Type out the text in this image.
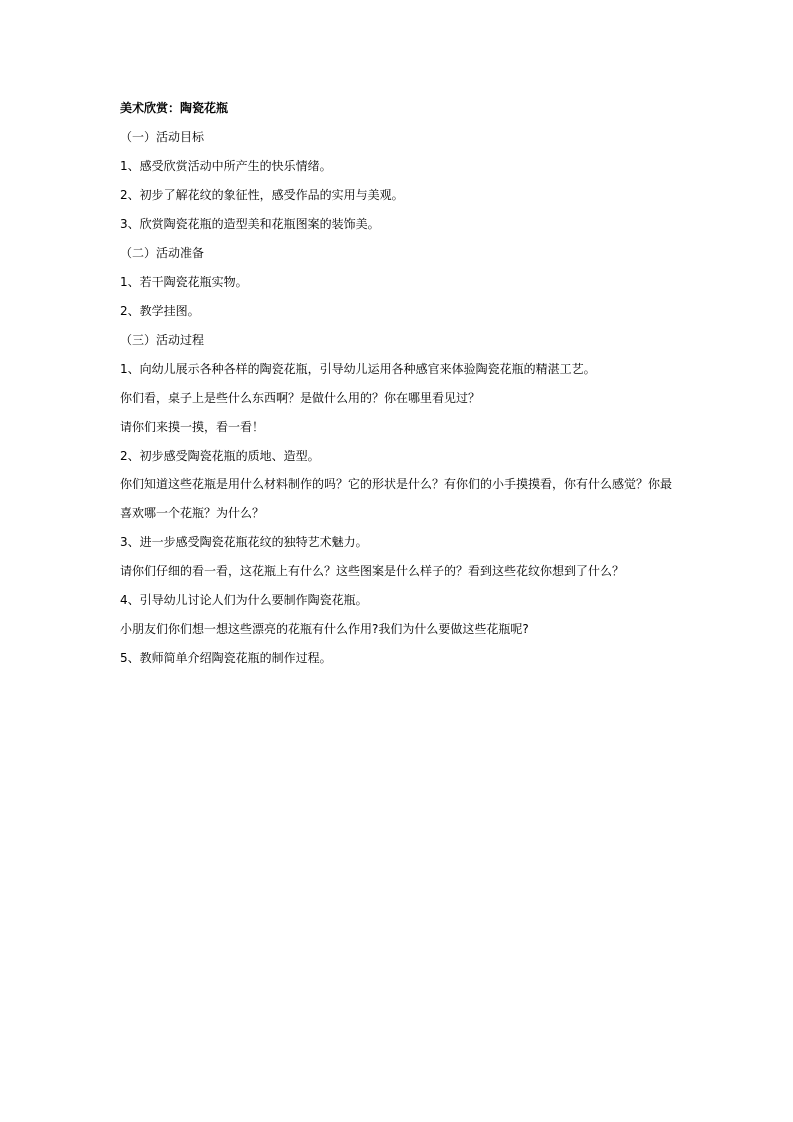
美术欣赏：陶瓷花瓶
（一）活动目标
1、感受欣赏活动中所产生的快乐情绪。
2、初步了解花纹的象征性，感受作品的实用与美观。
3、欣赏陶瓷花瓶的造型美和花瓶图案的装饰美。
（二）活动准备
1、若干陶瓷花瓶实物。
2、教学挂图。
（三）活动过程
1、向幼儿展示各种各样的陶瓷花瓶，引导幼儿运用各种感官来体验陶瓷花瓶的精湛工艺。
你们看，桌子上是些什么东西啊？是做什么用的？你在哪里看见过？
请你们来摸一摸，看一看！
2、初步感受陶瓷花瓶的质地、造型。
你们知道这些花瓶是用什么材料制作的吗？它的形状是什么？有你们的小手摸摸看，你有什么感觉？你最喜欢哪一个花瓶？为什么？
3、进一步感受陶瓷花瓶花纹的独特艺术魅力。
请你们仔细的看一看，这花瓶上有什么？这些图案是什么样子的？看到这些花纹你想到了什么？
4、引导幼儿讨论人们为什么要制作陶瓷花瓶。
小朋友们你们想一想这些漂亮的花瓶有什么作用?我们为什么要做这些花瓶呢?
5、教师简单介绍陶瓷花瓶的制作过程。
